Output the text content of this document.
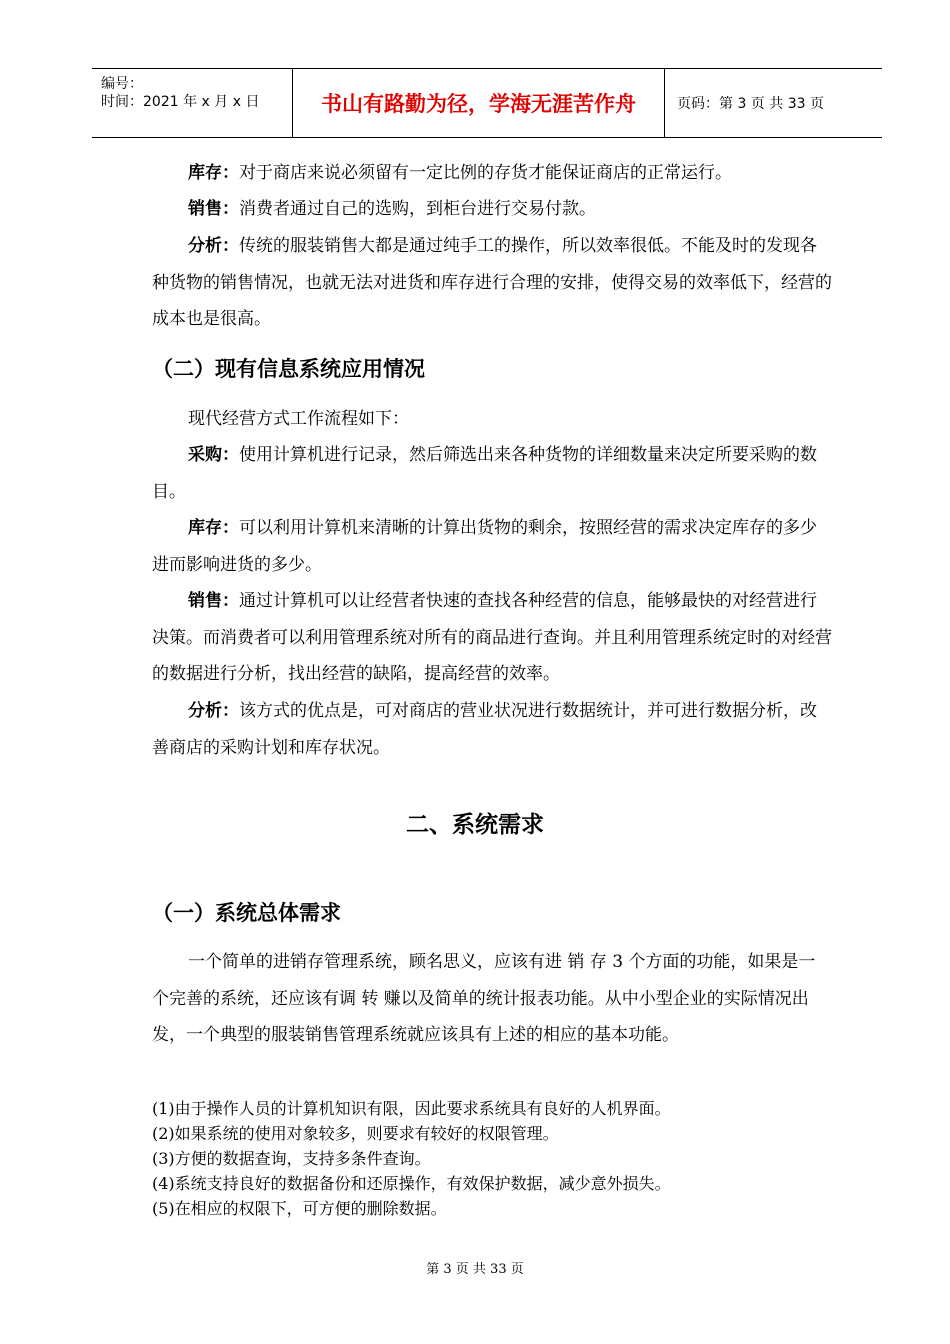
编号：
时间：2021 年 x 月 x 日	书山有路勤为径，学海无涯苦作舟	页码：第 3 页 共 33 页

库存：对于商店来说必须留有一定比例的存货才能保证商店的正常运行。

销售：消费者通过自己的选购，到柜台进行交易付款。

分析：传统的服装销售大都是通过纯手工的操作，所以效率很低。不能及时的发现各种货物的销售情况，也就无法对进货和库存进行合理的安排，使得交易的效率低下，经营的成本也是很高。

（二）现有信息系统应用情况

现代经营方式工作流程如下：

采购：使用计算机进行记录，然后筛选出来各种货物的详细数量来决定所要采购的数目。

库存：可以利用计算机来清晰的计算出货物的剩余，按照经营的需求决定库存的多少进而影响进货的多少。

销售：通过计算机可以让经营者快速的查找各种经营的信息，能够最快的对经营进行决策。而消费者可以利用管理系统对所有的商品进行查询。并且利用管理系统定时的对经营的数据进行分析，找出经营的缺陷，提高经营的效率。

分析：该方式的优点是，可对商店的营业状况进行数据统计，并可进行数据分析，改善商店的采购计划和库存状况。

二、系统需求
（一）系统总体需求

一个简单的进销存管理系统，顾名思义，应该有进 销 存 3 个方面的功能，如果是一个完善的系统，还应该有调 转 赚以及简单的统计报表功能。从中小型企业的实际情况出发，一个典型的服装销售管理系统就应该具有上述的相应的基本功能。

(1)由于操作人员的计算机知识有限，因此要求系统具有良好的人机界面。
(2)如果系统的使用对象较多，则要求有较好的权限管理。
(3)方便的数据查询，支持多条件查询。
(4)系统支持良好的数据备份和还原操作，有效保护数据，减少意外损失。
(5)在相应的权限下，可方便的删除数据。
第 3 页 共 33 页
